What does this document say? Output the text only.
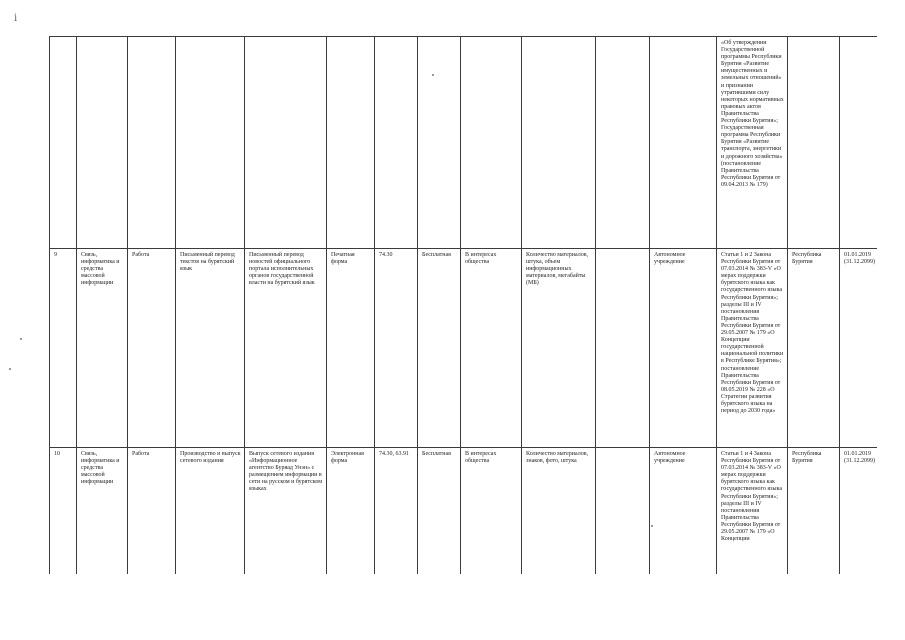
ⅰ
												«Об утверждении Государственной программы Республики Бурятия «Развитие имущественных и земельных отношений» и признании утратившими силу некоторых нормативных правовых актов Правительства Республики Бурятия»; Государственная программа Республики Бурятия «Развитие транспорта, энергетики и дорожного хозяйства» (постановление Правительства Республики Бурятия от 09.04.2013 № 179)				
9	Связь, информатика и средства массовой информации	Работа	Письменный перевод текстов на бурятский язык	Письменный перевод новостей официального портала исполнительных органов государственной власти на бурятский язык	Печатная форма	74.30	Бесплатная	В интересах общества	Количество материалов, штука, объем информационных материалов, мегабайты (МБ)		Автономное учреждение	Статьи 1 и 2 Закона Республики Бурятия от 07.03.2014 № 383-V «О мерах поддержки бурятского языка как государственного языка Республики Бурятия»; разделы III и IV постановления Правительства Республики Бурятия от 29.05.2007 № 179 «О Концепции государственной национальной политики в Республике Бурятия»; постановление Правительства Республики Бурятия от 08.05.2019 № 228 «О Стратегии развития бурятского языка на период до 2030 года»	Республика Бурятия	01.01.2019 (31.12.2099)		
10	Связь, информатика и средства массовой информации	Работа	Производство и выпуск сетевого издания	Выпуск сетевого издания «Информационное агентство Буряад Унэн» с размещением информации в сети на русском и бурятском языках	Электронная форма	74.30, 63.91	Бесплатная	В интересах общества	Количество материалов, знаков, фото, штука		Автономное учреждение	Статьи 1 и 4 Закона Республики Бурятия от 07.03.2014 № 383-V «О мерах поддержки бурятского языка как государственного языка Республики Бурятия»; разделы III и IV постановления Правительства Республики Бурятия от 29.05.2007 № 179 «О Концепции	Республика Бурятия	01.01.2019 (31.12.2099)		
